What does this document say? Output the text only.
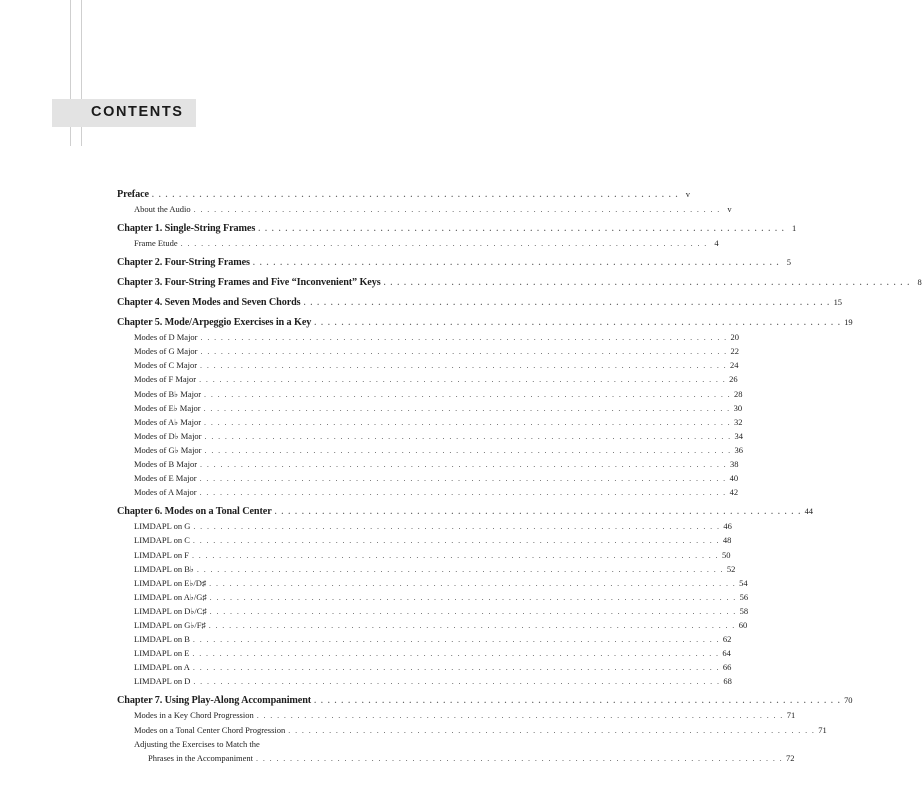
CONTENTS
Preface . . . . . . . . . . . . . . . . . . . . . . . . . . . . . . . . . . . . . . . . . . . . . . . . . . . . . . . . . . . . . . . . . . . . . . . . . . . . . . v
About the Audio . . . . . . . . . . . . . . . . . . . . . . . . . . . . . . . . . . . . . . . . . . . . . . . . . . . . . . . . . . . . . . . . . . . . . . . . . . . . . . v
Chapter 1. Single-String Frames . . . . . . . . . . . . . . . . . . . . . . . . . . . . . . . . . . . . . . . . . . . . . . . . . . . . . . . . . . . . . . . . . . . . . . . . . . . . . . 1
Frame Etude . . . . . . . . . . . . . . . . . . . . . . . . . . . . . . . . . . . . . . . . . . . . . . . . . . . . . . . . . . . . . . . . . . . . . . . . . . . . . . 4
Chapter 2. Four-String Frames . . . . . . . . . . . . . . . . . . . . . . . . . . . . . . . . . . . . . . . . . . . . . . . . . . . . . . . . . . . . . . . . . . . . . . . . . . . . . . 5
Chapter 3. Four-String Frames and Five “Inconvenient” Keys . . . . . . . . . . . . . . . . . . . . . . . . . . . . . . . . . . . . . . . . . . . . . . . . . . . . . . . . . . . . . . . . . . . . . . . . . . . . . . 8
Chapter 4. Seven Modes and Seven Chords . . . . . . . . . . . . . . . . . . . . . . . . . . . . . . . . . . . . . . . . . . . . . . . . . . . . . . . . . . . . . . . . . . . . . . . . . . . . . . 15
Chapter 5. Mode/Arpeggio Exercises in a Key . . . . . . . . . . . . . . . . . . . . . . . . . . . . . . . . . . . . . . . . . . . . . . . . . . . . . . . . . . . . . . . . . . . . . . . . . . . . . . 19
Modes of D Major . . . . . . . . . . . . . . . . . . . . . . . . . . . . . . . . . . . . . . . . . . . . . . . . . . . . . . . . . . . . . . . . . . . . . . . . . . . . . . 20
Modes of G Major . . . . . . . . . . . . . . . . . . . . . . . . . . . . . . . . . . . . . . . . . . . . . . . . . . . . . . . . . . . . . . . . . . . . . . . . . . . . . . 22
Modes of C Major . . . . . . . . . . . . . . . . . . . . . . . . . . . . . . . . . . . . . . . . . . . . . . . . . . . . . . . . . . . . . . . . . . . . . . . . . . . . . . 24
Modes of F Major . . . . . . . . . . . . . . . . . . . . . . . . . . . . . . . . . . . . . . . . . . . . . . . . . . . . . . . . . . . . . . . . . . . . . . . . . . . . . . 26
Modes of B♭ Major . . . . . . . . . . . . . . . . . . . . . . . . . . . . . . . . . . . . . . . . . . . . . . . . . . . . . . . . . . . . . . . . . . . . . . . . . . . . . . 28
Modes of E♭ Major . . . . . . . . . . . . . . . . . . . . . . . . . . . . . . . . . . . . . . . . . . . . . . . . . . . . . . . . . . . . . . . . . . . . . . . . . . . . . . 30
Modes of A♭ Major . . . . . . . . . . . . . . . . . . . . . . . . . . . . . . . . . . . . . . . . . . . . . . . . . . . . . . . . . . . . . . . . . . . . . . . . . . . . . . 32
Modes of D♭ Major . . . . . . . . . . . . . . . . . . . . . . . . . . . . . . . . . . . . . . . . . . . . . . . . . . . . . . . . . . . . . . . . . . . . . . . . . . . . . . 34
Modes of G♭ Major . . . . . . . . . . . . . . . . . . . . . . . . . . . . . . . . . . . . . . . . . . . . . . . . . . . . . . . . . . . . . . . . . . . . . . . . . . . . . . 36
Modes of B Major . . . . . . . . . . . . . . . . . . . . . . . . . . . . . . . . . . . . . . . . . . . . . . . . . . . . . . . . . . . . . . . . . . . . . . . . . . . . . . 38
Modes of E Major . . . . . . . . . . . . . . . . . . . . . . . . . . . . . . . . . . . . . . . . . . . . . . . . . . . . . . . . . . . . . . . . . . . . . . . . . . . . . . 40
Modes of A Major . . . . . . . . . . . . . . . . . . . . . . . . . . . . . . . . . . . . . . . . . . . . . . . . . . . . . . . . . . . . . . . . . . . . . . . . . . . . . . 42
Chapter 6. Modes on a Tonal Center . . . . . . . . . . . . . . . . . . . . . . . . . . . . . . . . . . . . . . . . . . . . . . . . . . . . . . . . . . . . . . . . . . . . . . . . . . . . . . 44
LIMDAPL on G . . . . . . . . . . . . . . . . . . . . . . . . . . . . . . . . . . . . . . . . . . . . . . . . . . . . . . . . . . . . . . . . . . . . . . . . . . . . . . 46
LIMDAPL on C . . . . . . . . . . . . . . . . . . . . . . . . . . . . . . . . . . . . . . . . . . . . . . . . . . . . . . . . . . . . . . . . . . . . . . . . . . . . . . 48
LIMDAPL on F . . . . . . . . . . . . . . . . . . . . . . . . . . . . . . . . . . . . . . . . . . . . . . . . . . . . . . . . . . . . . . . . . . . . . . . . . . . . . . 50
LIMDAPL on B♭ . . . . . . . . . . . . . . . . . . . . . . . . . . . . . . . . . . . . . . . . . . . . . . . . . . . . . . . . . . . . . . . . . . . . . . . . . . . . . . 52
LIMDAPL on E♭/D♯ . . . . . . . . . . . . . . . . . . . . . . . . . . . . . . . . . . . . . . . . . . . . . . . . . . . . . . . . . . . . . . . . . . . . . . . . . . . . . . 54
LIMDAPL on A♭/G♯ . . . . . . . . . . . . . . . . . . . . . . . . . . . . . . . . . . . . . . . . . . . . . . . . . . . . . . . . . . . . . . . . . . . . . . . . . . . . . . 56
LIMDAPL on D♭/C♯ . . . . . . . . . . . . . . . . . . . . . . . . . . . . . . . . . . . . . . . . . . . . . . . . . . . . . . . . . . . . . . . . . . . . . . . . . . . . . . 58
LIMDAPL on G♭/F♯ . . . . . . . . . . . . . . . . . . . . . . . . . . . . . . . . . . . . . . . . . . . . . . . . . . . . . . . . . . . . . . . . . . . . . . . . . . . . . . 60
LIMDAPL on B . . . . . . . . . . . . . . . . . . . . . . . . . . . . . . . . . . . . . . . . . . . . . . . . . . . . . . . . . . . . . . . . . . . . . . . . . . . . . . 62
LIMDAPL on E . . . . . . . . . . . . . . . . . . . . . . . . . . . . . . . . . . . . . . . . . . . . . . . . . . . . . . . . . . . . . . . . . . . . . . . . . . . . . . 64
LIMDAPL on A . . . . . . . . . . . . . . . . . . . . . . . . . . . . . . . . . . . . . . . . . . . . . . . . . . . . . . . . . . . . . . . . . . . . . . . . . . . . . . 66
LIMDAPL on D . . . . . . . . . . . . . . . . . . . . . . . . . . . . . . . . . . . . . . . . . . . . . . . . . . . . . . . . . . . . . . . . . . . . . . . . . . . . . . 68
Chapter 7. Using Play-Along Accompaniment . . . . . . . . . . . . . . . . . . . . . . . . . . . . . . . . . . . . . . . . . . . . . . . . . . . . . . . . . . . . . . . . . . . . . . . . . . . . . . 70
Modes in a Key Chord Progression . . . . . . . . . . . . . . . . . . . . . . . . . . . . . . . . . . . . . . . . . . . . . . . . . . . . . . . . . . . . . . . . . . . . . . . . . . . . . . 71
Modes on a Tonal Center Chord Progression . . . . . . . . . . . . . . . . . . . . . . . . . . . . . . . . . . . . . . . . . . . . . . . . . . . . . . . . . . . . . . . . . . . . . . . . . . . . . . 71
Adjusting the Exercises to Match the
Phrases in the Accompaniment . . . . . . . . . . . . . . . . . . . . . . . . . . . . . . . . . . . . . . . . . . . . . . . . . . . . . . . . . . . . . . . . . . . . . . . . . . . . . . 72
